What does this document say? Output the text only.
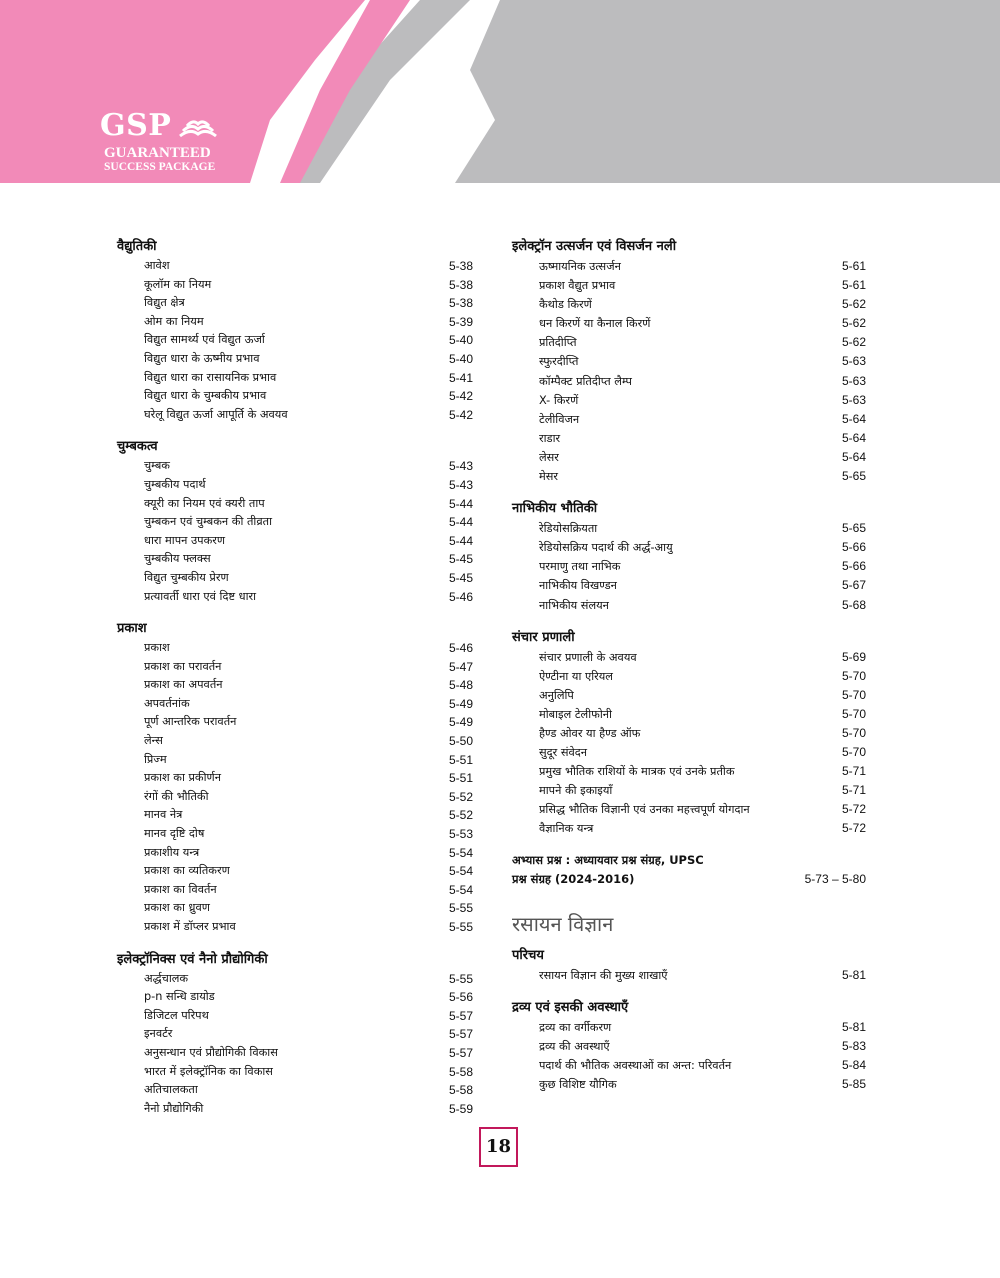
GSP
GUARANTEED
SUCCESS PACKAGE
वैद्युतिकी
आवेश	5-38
कूलॉम का नियम	5-38
विद्युत क्षेत्र	5-38
ओम का नियम	5-39
विद्युत सामर्थ्य एवं विद्युत ऊर्जा	5-40
विद्युत धारा के ऊष्मीय प्रभाव	5-40
विद्युत धारा का रासायनिक प्रभाव	5-41
विद्युत धारा के चुम्बकीय प्रभाव	5-42
घरेलू विद्युत ऊर्जा आपूर्ति के अवयव	5-42
चुम्बकत्व
चुम्बक	5-43
चुम्बकीय पदार्थ	5-43
क्यूरी का नियम एवं क्यरी ताप	5-44
चुम्बकन एवं चुम्बकन की तीव्रता	5-44
धारा मापन उपकरण	5-44
चुम्बकीय फ्लक्स	5-45
विद्युत चुम्बकीय प्रेरण	5-45
प्रत्यावर्ती धारा एवं दिष्ट धारा	5-46
प्रकाश
प्रकाश	5-46
प्रकाश का परावर्तन	5-47
प्रकाश का अपवर्तन	5-48
अपवर्तनांक	5-49
पूर्ण आन्तरिक परावर्तन	5-49
लेन्स	5-50
प्रिज्म	5-51
प्रकाश का प्रकीर्णन	5-51
रंगों की भौतिकी	5-52
मानव नेत्र	5-52
मानव दृष्टि दोष	5-53
प्रकाशीय यन्त्र	5-54
प्रकाश का व्यतिकरण	5-54
प्रकाश का विवर्तन	5-54
प्रकाश का ध्रुवण	5-55
प्रकाश में डॉप्लर प्रभाव	5-55
इलेक्ट्रॉनिक्स एवं नैनो प्रौद्योगिकी
अर्द्धचालक	5-55
p-n सन्धि डायोड	5-56
डिजिटल परिपथ	5-57
इनवर्टर	5-57
अनुसन्धान एवं प्रौद्योगिकी विकास	5-57
भारत में इलेक्ट्रॉनिक का विकास	5-58
अतिचालकता	5-58
नैनो प्रौद्योगिकी	5-59
इलेक्ट्रॉन उत्सर्जन एवं विसर्जन नली
ऊष्मायनिक उत्सर्जन	5-61
प्रकाश वैद्युत प्रभाव	5-61
कैथोड किरणें	5-62
धन किरणें या कैनाल किरणें	5-62
प्रतिदीप्ति	5-62
स्फुरदीप्ति	5-63
कॉम्पैक्ट प्रतिदीप्त लैम्प	5-63
X- किरणें	5-63
टेलीविजन	5-64
राडार	5-64
लेसर	5-64
मेसर	5-65
नाभिकीय भौतिकी
रेडियोसक्रियता	5-65
रेडियोसक्रिय पदार्थ की अर्द्ध-आयु	5-66
परमाणु तथा नाभिक	5-66
नाभिकीय विखण्डन	5-67
नाभिकीय संलयन	5-68
संचार प्रणाली
संचार प्रणाली के अवयव	5-69
ऐण्टीना या एरियल	5-70
अनुलिपि	5-70
मोबाइल टेलीफोनी	5-70
हैण्ड ओवर या हैण्ड ऑफ	5-70
सुदूर संवेदन	5-70
प्रमुख भौतिक राशियों के मात्रक एवं उनके प्रतीक	5-71
मापने की इकाइयाँ	5-71
प्रसिद्ध भौतिक विज्ञानी एवं उनका महत्त्वपूर्ण योगदान	5-72
वैज्ञानिक यन्त्र	5-72
अभ्यास प्रश्न : अध्यायवार प्रश्न संग्रह, UPSC
प्रश्न संग्रह (2024-2016)	5-73 – 5-80
रसायन विज्ञान
परिचय
रसायन विज्ञान की मुख्य शाखाएँ	5-81
द्रव्य एवं इसकी अवस्थाएँ
द्रव्य का वर्गीकरण	5-81
द्रव्य की अवस्थाएँ	5-83
पदार्थ की भौतिक अवस्थाओं का अन्त: परिवर्तन	5-84
कुछ विशिष्ट यौगिक	5-85
18
